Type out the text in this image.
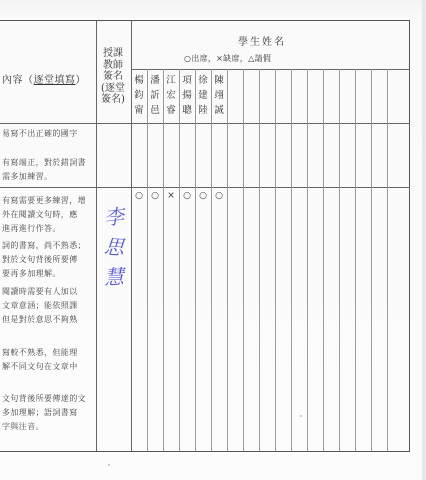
內容（逐堂填寫）
授課
教師
簽名
(逐堂
簽名)
學生姓名
○出席，×缺席，△請假
楊鈞甯
潘訢邑
江宏睿
項揚聰
徐建陸
陳翊誠
易寫不出正確的國字
有寫端正，對於錯詞書
需多加練習。
有寫需要更多練習，增
外在閱讀文句時，應
進再進行作答。
詞的書寫，尚不熟悉；
對於文句背後所要傳
要再多加理解。
閱讀時需要有人加以
文章意涵；能依照課
但是對於意思不夠熟
寫較不熟悉，但能理
解不同文句在文章中
文句背後所要傳達的文
多加理解；語詞書寫
字與注音。
○ ○ × ○ ○ ○
李
思
慧
